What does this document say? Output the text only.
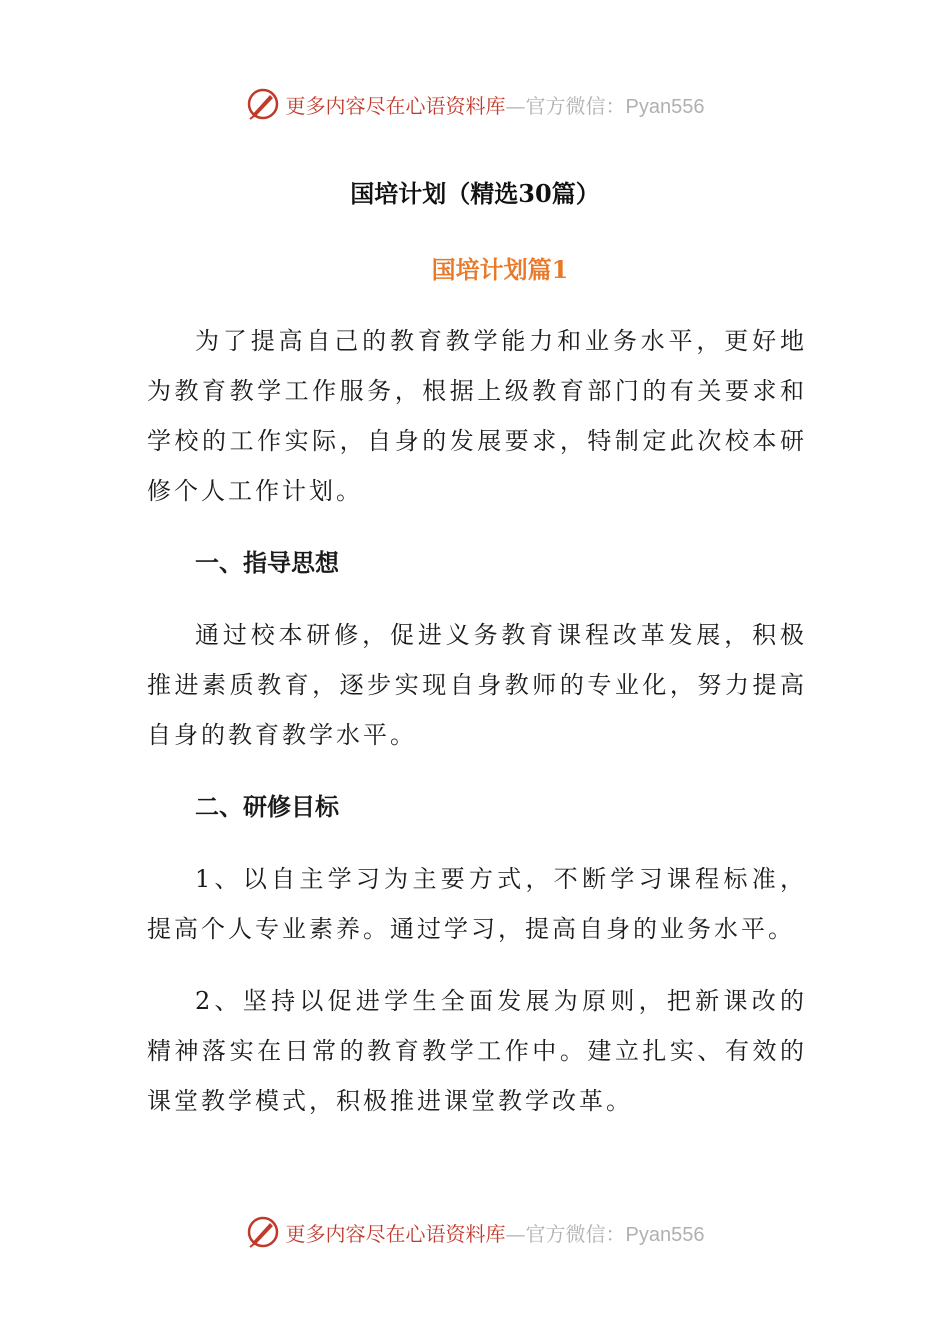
更多内容尽在心语资料库—官方微信：Pyan556
国培计划（精选30篇）
国培计划篇1

为了提高自己的教育教学能力和业务水平，更好地为教育教学工作服务，根据上级教育部门的有关要求和学校的工作实际，自身的发展要求，特制定此次校本研修个人工作计划。

一、指导思想

通过校本研修，促进义务教育课程改革发展，积极推进素质教育，逐步实现自身教师的专业化，努力提高自身的教育教学水平。

二、研修目标

1、以自主学习为主要方式，不断学习课程标准，提高个人专业素养。通过学习，提高自身的业务水平。

2、坚持以促进学生全面发展为原则，把新课改的精神落实在日常的教育教学工作中。建立扎实、有效的课堂教学模式，积极推进课堂教学改革。

更多内容尽在心语资料库—官方微信：Pyan556
